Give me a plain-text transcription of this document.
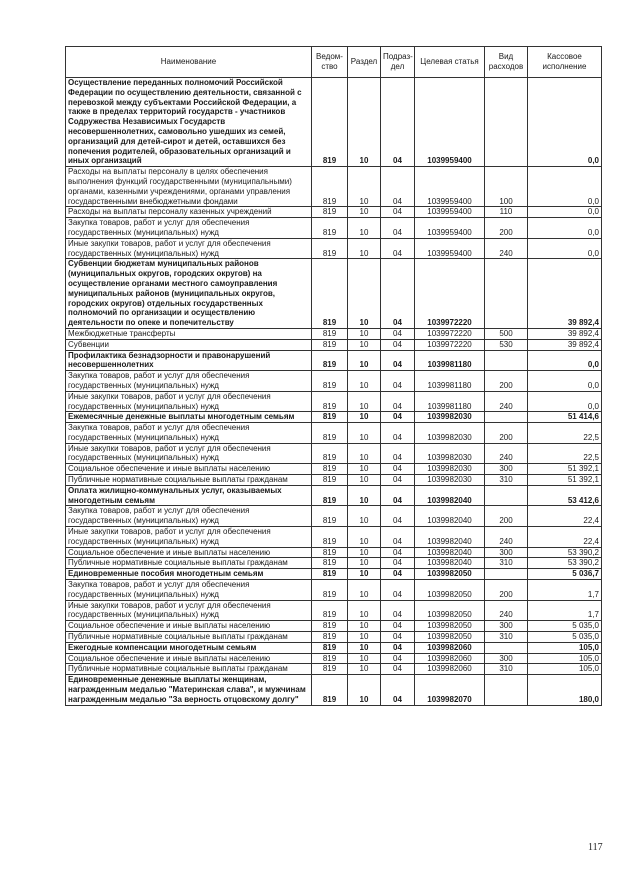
Наименование	Ведом-ство	Раздел	Подраз-дел	Целевая статья	Вид расходов	Кассовое исполнение
Осуществление переданных полномочий Российской Федерации по осуществлению деятельности, связанной с перевозкой между субъектами Российской Федерации, а также в пределах территорий государств - участников Содружества Независимых Государств несовершеннолетних, самовольно ушедших из семей, организаций для детей-сирот и детей, оставшихся без попечения родителей, образовательных организаций и иных организаций	819	10	04	1039959400		0,0
Расходы на выплаты персоналу в целях обеспечения выполнения функций государственными (муниципальными) органами, казенными учреждениями, органами управления государственными внебюджетными фондами	819	10	04	1039959400	100	0,0
Расходы на выплаты персоналу казенных учреждений	819	10	04	1039959400	110	0,0
Закупка товаров, работ и услуг для обеспечения государственных (муниципальных) нужд	819	10	04	1039959400	200	0,0
Иные закупки товаров, работ и услуг для обеспечения государственных (муниципальных) нужд	819	10	04	1039959400	240	0,0
Субвенции бюджетам муниципальных районов (муниципальных округов, городских округов) на осуществление органами местного самоуправления муниципальных районов (муниципальных округов, городских округов) отдельных государственных полномочий по организации и осуществлению деятельности по опеке и попечительству	819	10	04	1039972220		39 892,4
Межбюджетные трансферты	819	10	04	1039972220	500	39 892,4
Субвенции	819	10	04	1039972220	530	39 892,4
Профилактика безнадзорности и правонарушений несовершеннолетних	819	10	04	1039981180		0,0
Закупка товаров, работ и услуг для обеспечения государственных (муниципальных) нужд	819	10	04	1039981180	200	0,0
Иные закупки товаров, работ и услуг для обеспечения государственных (муниципальных) нужд	819	10	04	1039981180	240	0,0
Ежемесячные денежные выплаты многодетным семьям	819	10	04	1039982030		51 414,6
Закупка товаров, работ и услуг для обеспечения государственных (муниципальных) нужд	819	10	04	1039982030	200	22,5
Иные закупки товаров, работ и услуг для обеспечения государственных (муниципальных) нужд	819	10	04	1039982030	240	22,5
Социальное обеспечение и иные выплаты населению	819	10	04	1039982030	300	51 392,1
Публичные нормативные социальные выплаты гражданам	819	10	04	1039982030	310	51 392,1
Оплата жилищно-коммунальных услуг, оказываемых многодетным семьям	819	10	04	1039982040		53 412,6
Закупка товаров, работ и услуг для обеспечения государственных (муниципальных) нужд	819	10	04	1039982040	200	22,4
Иные закупки товаров, работ и услуг для обеспечения государственных (муниципальных) нужд	819	10	04	1039982040	240	22,4
Социальное обеспечение и иные выплаты населению	819	10	04	1039982040	300	53 390,2
Публичные нормативные социальные выплаты гражданам	819	10	04	1039982040	310	53 390,2
Единовременные пособия многодетным семьям	819	10	04	1039982050		5 036,7
Закупка товаров, работ и услуг для обеспечения государственных (муниципальных) нужд	819	10	04	1039982050	200	1,7
Иные закупки товаров, работ и услуг для обеспечения государственных (муниципальных) нужд	819	10	04	1039982050	240	1,7
Социальное обеспечение и иные выплаты населению	819	10	04	1039982050	300	5 035,0
Публичные нормативные социальные выплаты гражданам	819	10	04	1039982050	310	5 035,0
Ежегодные компенсации многодетным семьям	819	10	04	1039982060		105,0
Социальное обеспечение и иные выплаты населению	819	10	04	1039982060	300	105,0
Публичные нормативные социальные выплаты гражданам	819	10	04	1039982060	310	105,0
Единовременные денежные выплаты женщинам, награжденным медалью "Материнская слава", и мужчинам награжденным медалью "За верность отцовскому долгу"	819	10	04	1039982070		180,0
117
